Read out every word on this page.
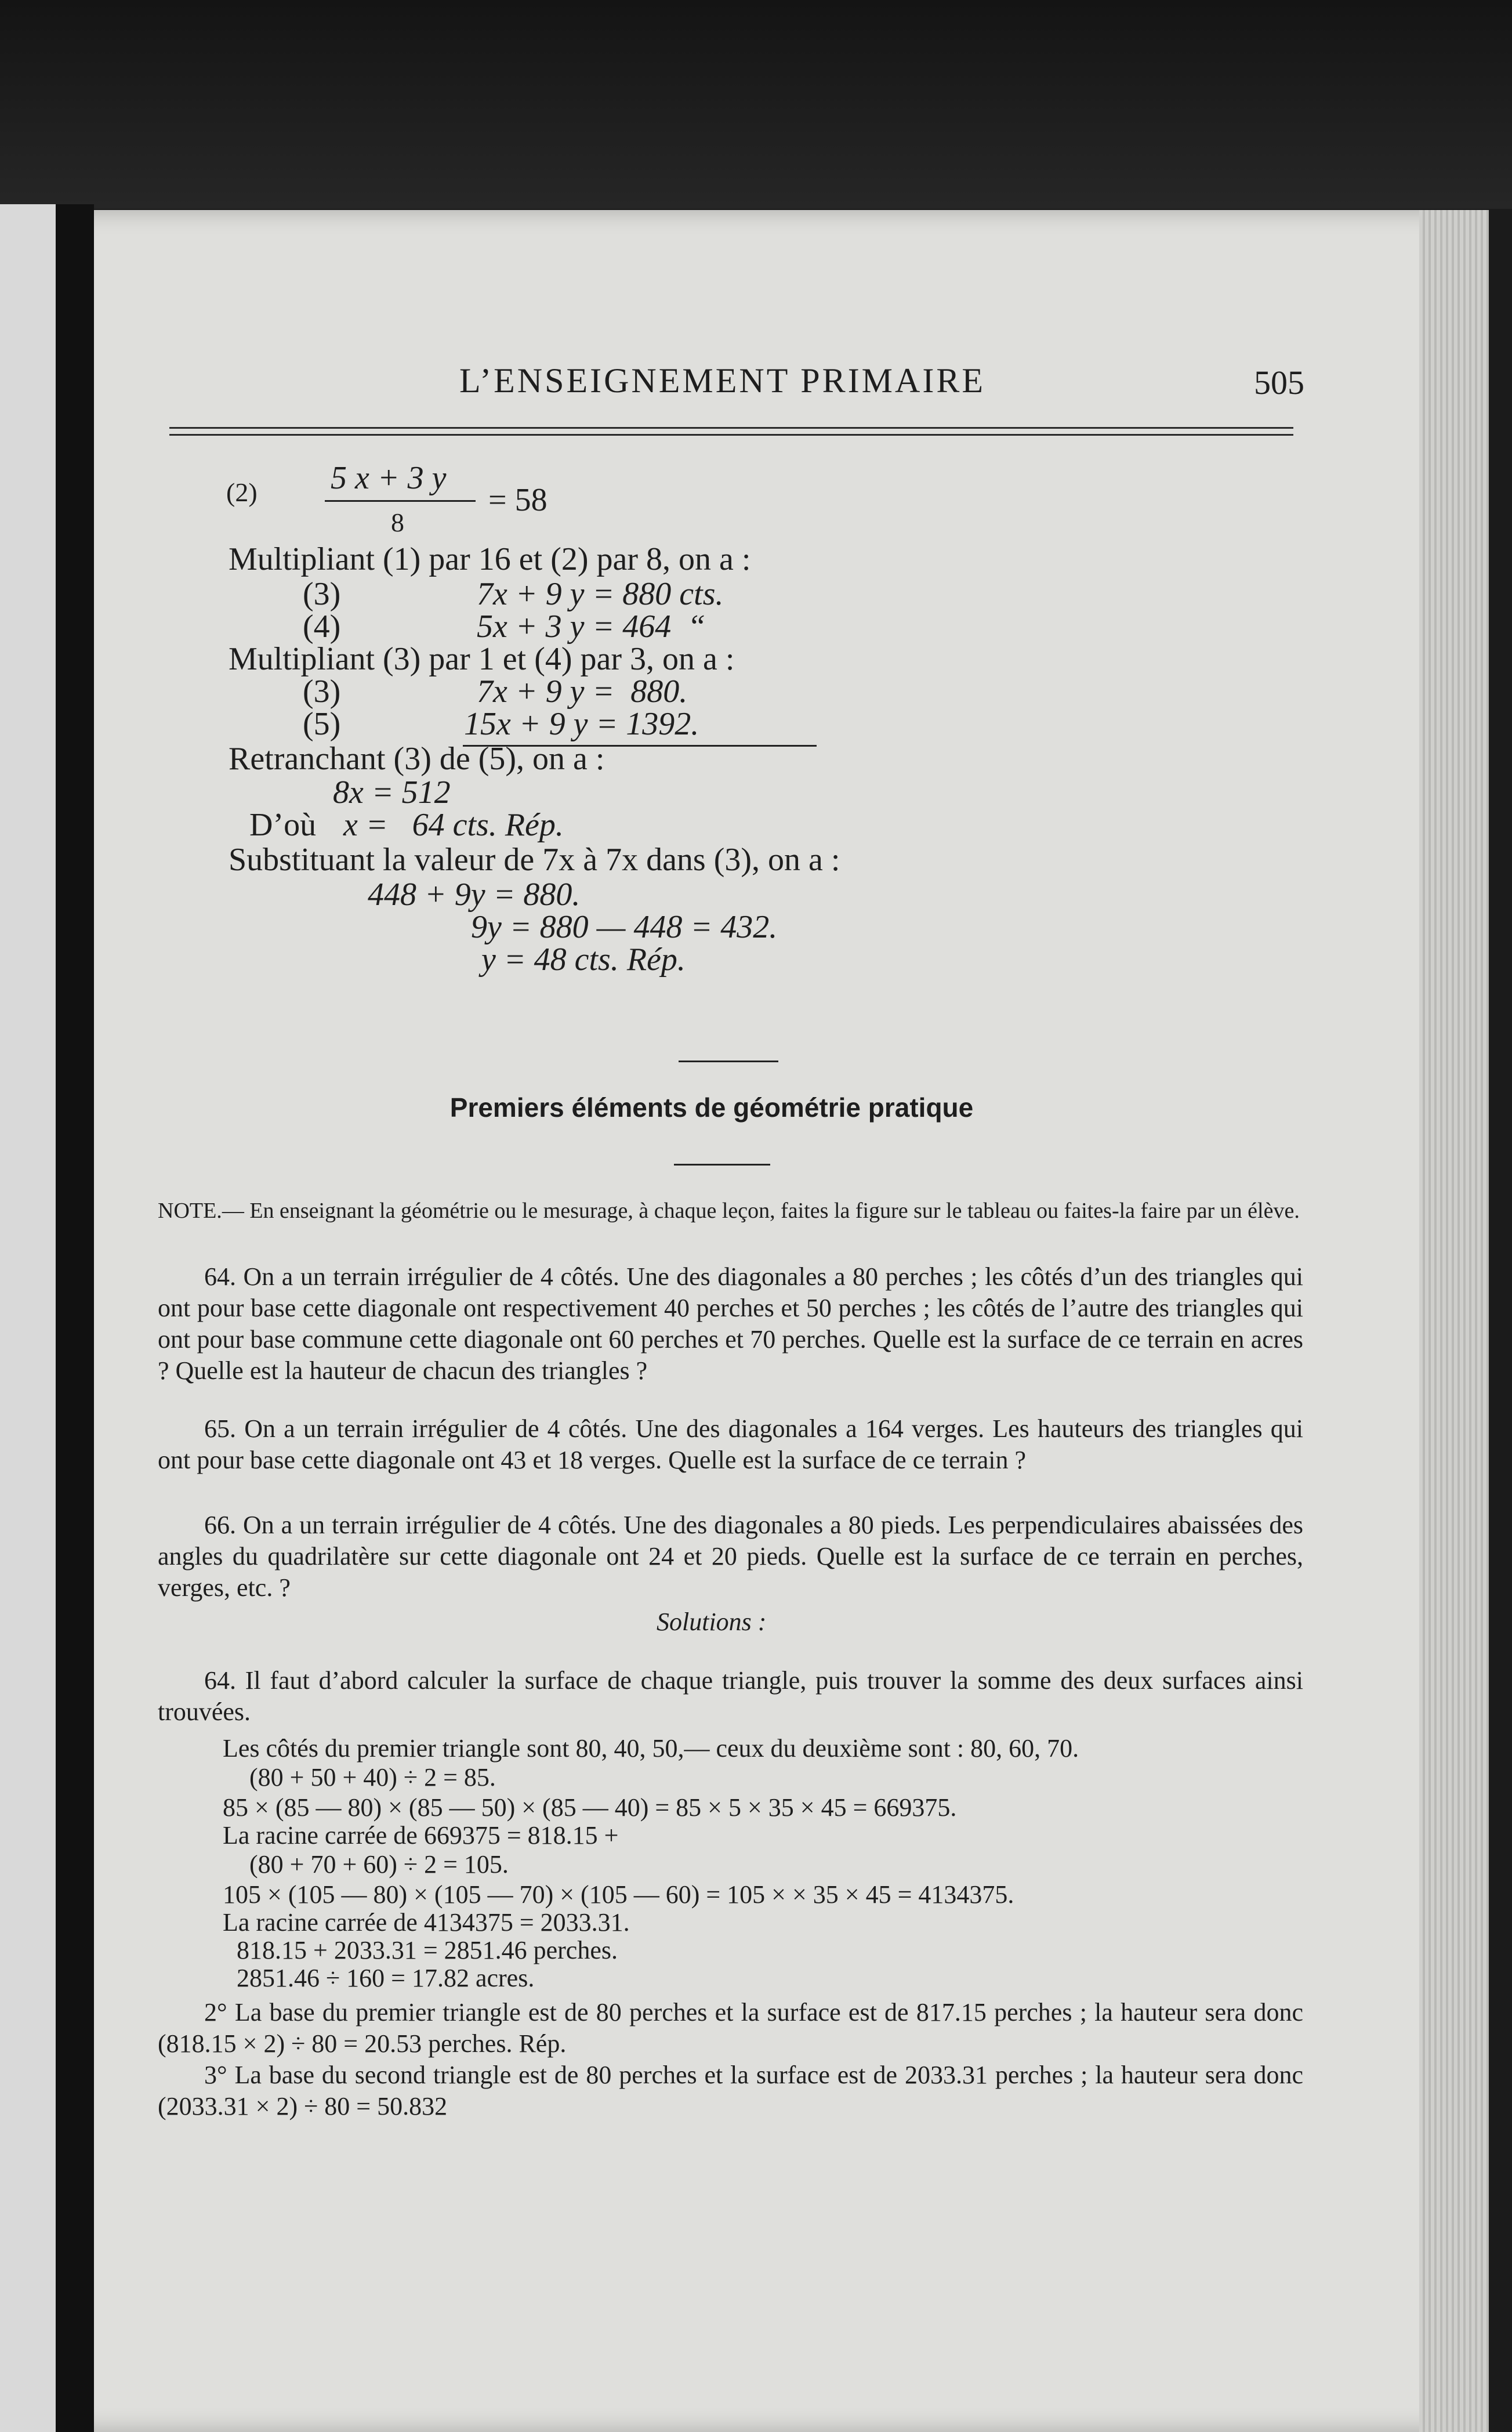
L’ENSEIGNEMENT PRIMAIRE	505
(2) 5 x + 3 y
8
= 58
Multipliant (1) par 16 et (2) par 8, on a :
(3)	7x + 9 y = 880 cts.
(4)	5x + 3 y = 464  “
Multipliant (3) par 1 et (4) par 3, on a :
(3)	7x + 9 y =  880.
(5)	15x + 9 y = 1392.
Retranchant (3) de (5), on a :
8x = 512
D’où x =   64 cts. Rép.
Substituant la valeur de 7x à 7x dans (3), on a :
448 + 9y = 880.
9y = 880 — 448 = 432.
y = 48 cts. Rép.
Premiers éléments de géométrie pratique
NOTE.— En enseignant la géométrie ou le mesurage, à chaque leçon, faites la figure sur le tableau ou faites-la faire par un élève.
64. On a un terrain irrégulier de 4 côtés. Une des diagonales a 80 perches ; les côtés d’un des triangles qui ont pour base cette diagonale ont respectivement 40 perches et 50 perches ; les côtés de l’autre des triangles qui ont pour base commune cette diagonale ont 60 perches et 70 perches. Quelle est la surface de ce terrain en acres ? Quelle est la hauteur de chacun des triangles ?
65. On a un terrain irrégulier de 4 côtés. Une des diagonales a 164 verges. Les hauteurs des triangles qui ont pour base cette diagonale ont 43 et 18 verges. Quelle est la surface de ce terrain ?
66. On a un terrain irrégulier de 4 côtés. Une des diagonales a 80 pieds. Les perpendiculaires abaissées des angles du quadrilatère sur cette diagonale ont 24 et 20 pieds. Quelle est la surface de ce terrain en perches, verges, etc. ?
Solutions :
64. Il faut d’abord calculer la surface de chaque triangle, puis trouver la somme des deux surfaces ainsi trouvées.
Les côtés du premier triangle sont 80, 40, 50,— ceux du deuxième sont : 80, 60, 70.
(80 + 50 + 40) ÷ 2 = 85.
85 × (85 — 80) × (85 — 50) × (85 — 40) = 85 × 5 × 35 × 45 = 669375.
La racine carrée de 669375 = 818.15 +
(80 + 70 + 60) ÷ 2 = 105.
105 × (105 — 80) × (105 — 70) × (105 — 60) = 105 × × 35 × 45 = 4134375.
La racine carrée de 4134375 = 2033.31.
818.15 + 2033.31 = 2851.46 perches.
2851.46 ÷ 160 = 17.82 acres.
2° La base du premier triangle est de 80 perches et la surface est de 817.15 perches ; la hauteur sera donc (818.15 × 2) ÷ 80 = 20.53 perches. Rép.
3° La base du second triangle est de 80 perches et la surface est de 2033.31 perches ; la hauteur sera donc (2033.31 × 2) ÷ 80 = 50.832
